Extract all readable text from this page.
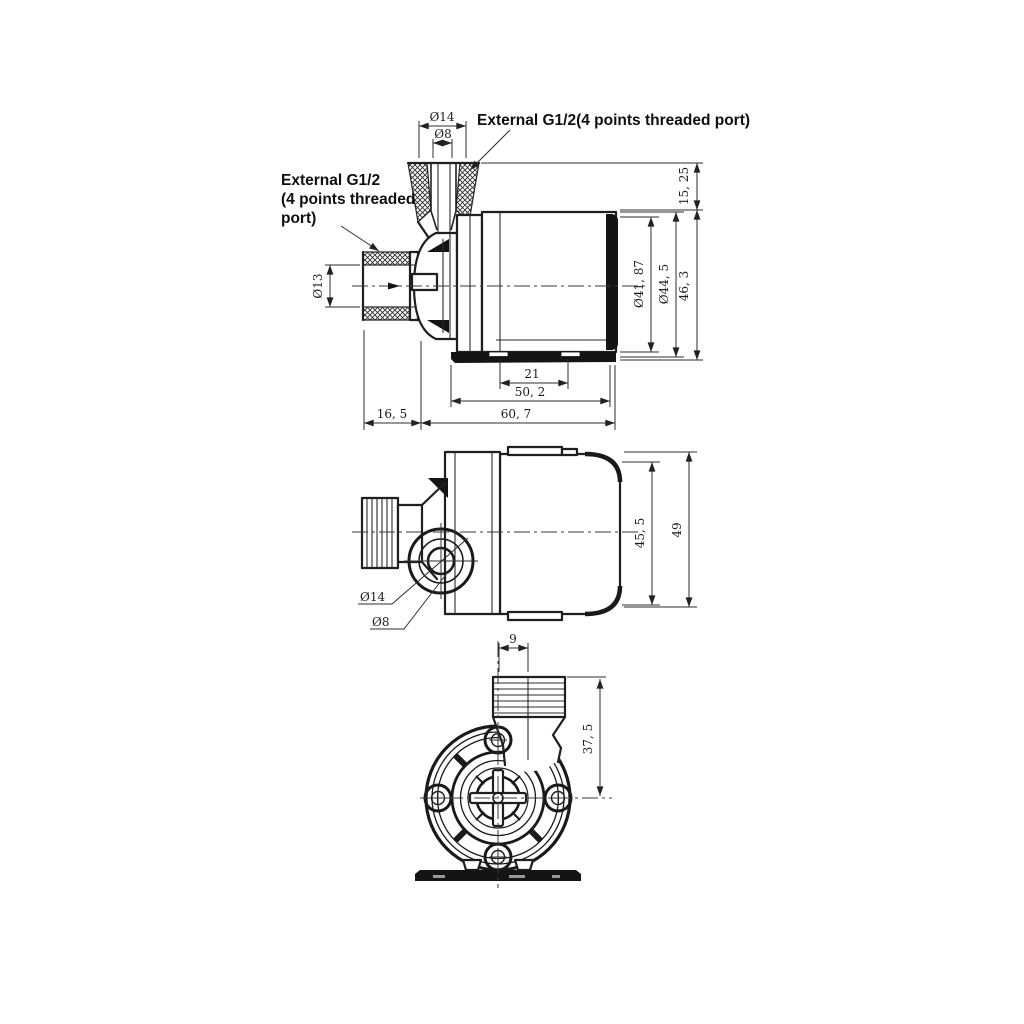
Ø14
Ø8
Ø13
15, 25
Ø41, 87 Ø44, 5 46, 3
21
50, 2
60, 7
16, 5
External G1/2(4 points threaded port)
External G1/2
(4 points threaded
port)
Ø14
Ø8
45, 5 49
9
37, 5
